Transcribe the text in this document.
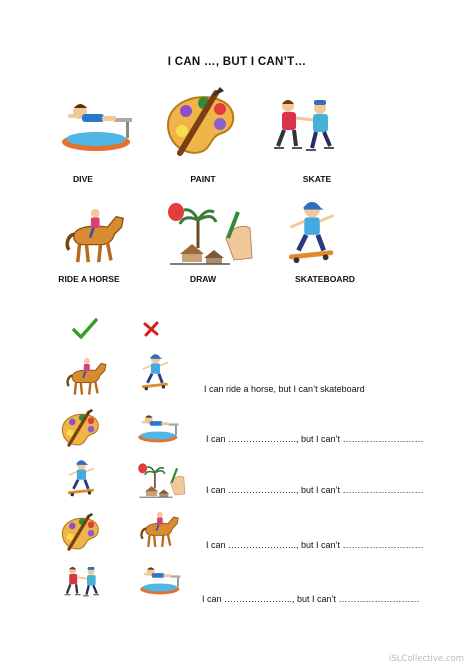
I CAN …, BUT I CAN’T…
DIVE	PAINT	SKATE
RIDE A HORSE	DRAW	SKATEBOARD
I can ride a horse, but I can’t skateboard
I can ………………….., but I can’t ………………………
I can ………………….., but I can’t ………………………
I can ………………….., but I can’t ………………………
I can ………………….., but I can’t ………………………
iSLCollective.com
